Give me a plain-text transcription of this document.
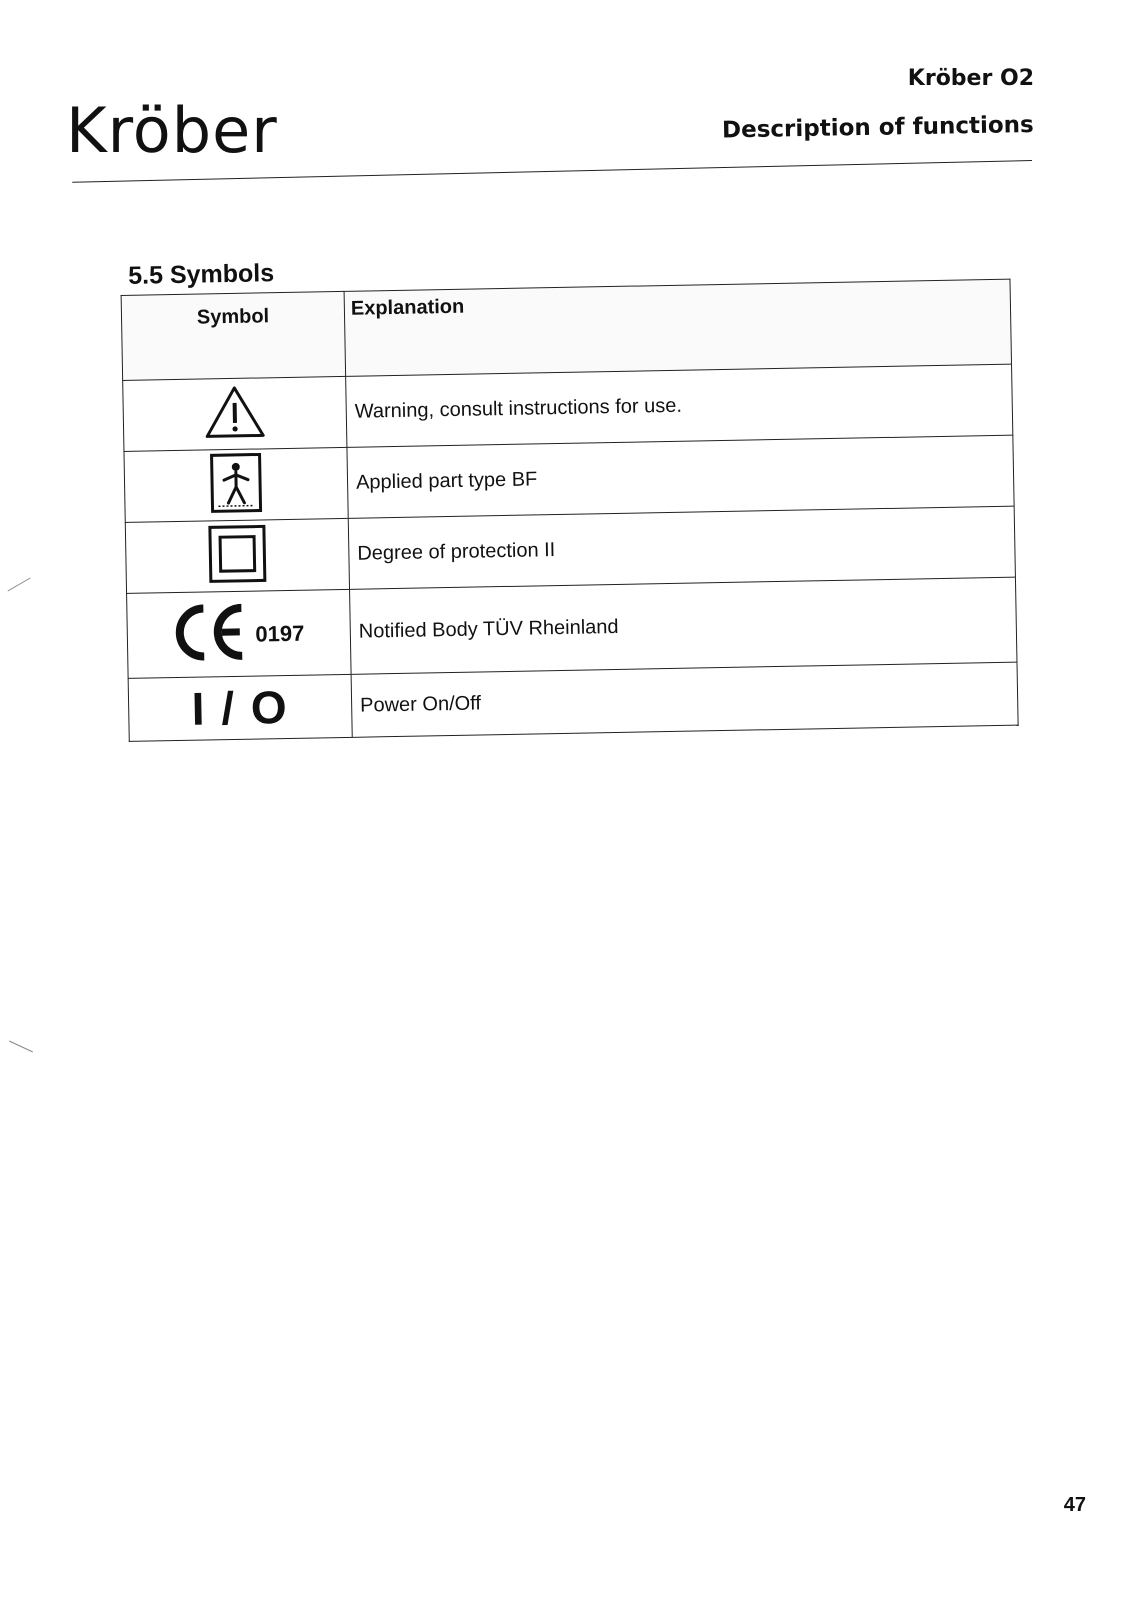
Kröber
Kröber O2
Description of functions
5.5 Symbols
Symbol	Explanation
	Warning, consult instructions for use.
	Applied part type BF
	Degree of protection II

0197	Notified Body TÜV Rheinland
I / O	Power On/Off
47
